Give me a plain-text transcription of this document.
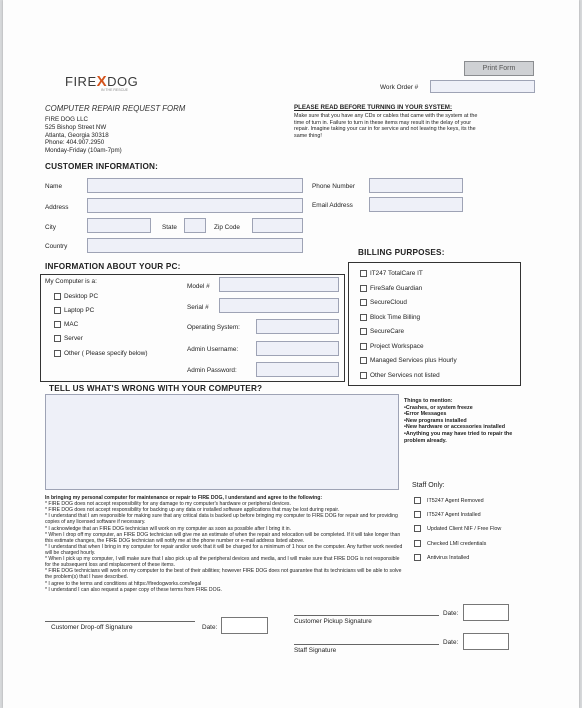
Print Form
FIREXDOG
IN THE RESCUE	Work Order #
COMPUTER REPAIR REQUEST FORM
FIRE DOG LLC
525 Bishop Street NW
Atlanta, Georgia 30318
Phone: 404.907.2950
Monday-Friday (10am-7pm)
PLEASE READ BEFORE TURNING IN YOUR SYSTEM:
Make sure that you have any CDs or cables that came with the system at the time of turn in. Failure to turn in these items may result in the delay of your repair. Imagine taking your car in for service and not leaving the keys, its the same thing!
CUSTOMER INFORMATION:
Name
Address
City	State	Zip Code
Country
Phone Number
Email Address
BILLING PURPOSES:
IT247 TotalCare IT
FireSafe Guardian
SecureCloud
Block Time Billing
SecureCare
Project Workspace
Managed Services plus Hourly
Other Services not listed
INFORMATION ABOUT YOUR PC:
My Computer is a:
Desktop PC
Laptop PC
MAC
Server
Other ( Please specify below)
Model #
Serial #
Operating System:
Admin Username:
Admin Password:
TELL US WHAT'S WRONG WITH YOUR COMPUTER?
Things to mention:
• Crashes, or system freeze
• Error Messages
• New programs installed
• New hardware or accessories installed
• Anything you may have tried to repair the problem already.
Staff Only:
IT5247 Agent Removed
IT5247 Agent Installed
Updated Client NIF / Free Flow
Checked LMI credentials
Antivirus Installed
In bringing my personal computer for maintenance or repair to FIRE DOG, I understand and agree to the following:
* FIRE DOG does not accept responsibility for any damage to my computer's hardware or peripheral devices.
* FIRE DOG does not accept responsibility for backing up any data or installed software applications that may be lost during repair.
* I understand that I am responsible for making sure that any critical data is backed up before bringing my computer to FIRE DOG for repair and for providing copies of any licensed software if necessary.
* I acknowledge that an FIRE DOG technician will work on my computer as soon as possible after I bring it in.
* When I drop off my computer, an FIRE DOG technician will give me an estimate of when the repair and relocation will be completed. If it will take longer than this estimate changes, the FIRE DOG technician will notify me at the phone number or e-mail address listed above.
* I understand that when I bring in my computer for repair and/or work that it will be charged for a minimum of 1 hour on the computer. Any further work needed will be charged hourly.
* When I pick up my computer, I will make sure that I also pick up all the peripheral devices and media, and I will make sure that FIRE DOG is not responsible for the subsequent loss and misplacement of these items.
* FIRE DOG technicians will work on my computer to the best of their abilities; however FIRE DOG does not guarantee that its technicians will be able to solve the problem(s) that I have described.
* I agree to the terms and conditions at https://firedogworks.com/legal
* I understand I can also request a paper copy of these terms from FIRE DOG.
Customer Drop-off Signature	Date:
Customer Pickup Signature
Date:
Staff Signature
Date:
